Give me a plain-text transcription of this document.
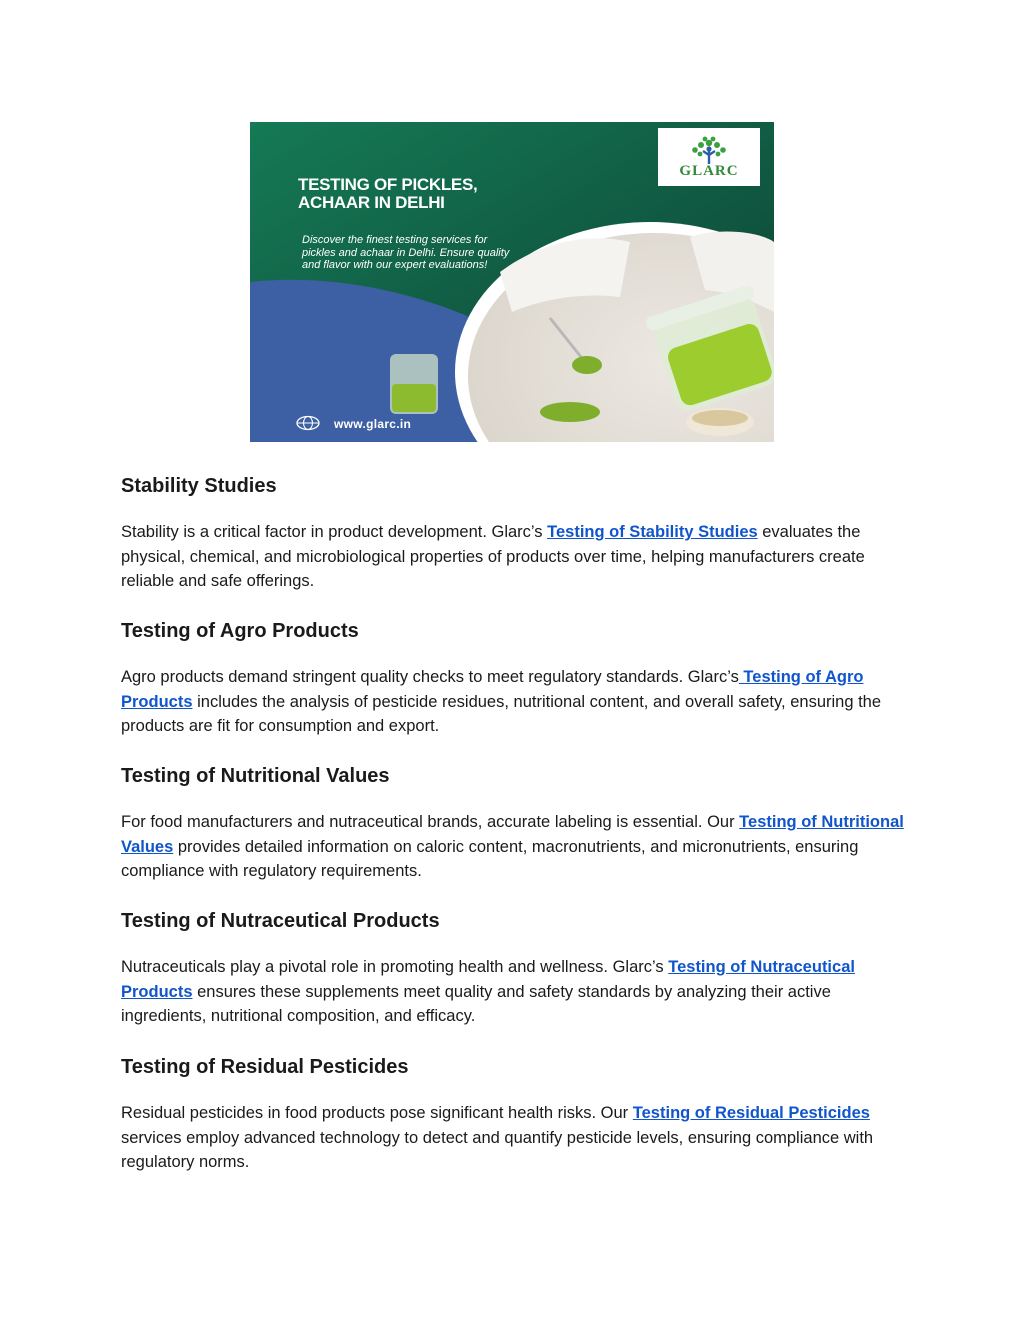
GLARC
TESTING OF PICKLES,
ACHAAR IN DELHI
Discover the finest testing services for pickles and achaar in Delhi. Ensure quality and flavor with our expert evaluations!
www.glarc.in
Stability Studies

Stability is a critical factor in product development. Glarc’s Testing of Stability Studies evaluates the physical, chemical, and microbiological properties of products over time, helping manufacturers create reliable and safe offerings.

Testing of Agro Products

Agro products demand stringent quality checks to meet regulatory standards. Glarc’s Testing of Agro Products includes the analysis of pesticide residues, nutritional content, and overall safety, ensuring the products are fit for consumption and export.

Testing of Nutritional Values

For food manufacturers and nutraceutical brands, accurate labeling is essential. Our Testing of Nutritional Values provides detailed information on caloric content, macronutrients, and micronutrients, ensuring compliance with regulatory requirements.

Testing of Nutraceutical Products

Nutraceuticals play a pivotal role in promoting health and wellness. Glarc’s Testing of Nutraceutical Products ensures these supplements meet quality and safety standards by analyzing their active ingredients, nutritional composition, and efficacy.

Testing of Residual Pesticides

Residual pesticides in food products pose significant health risks. Our Testing of Residual Pesticides services employ advanced technology to detect and quantify pesticide levels, ensuring compliance with regulatory norms.
